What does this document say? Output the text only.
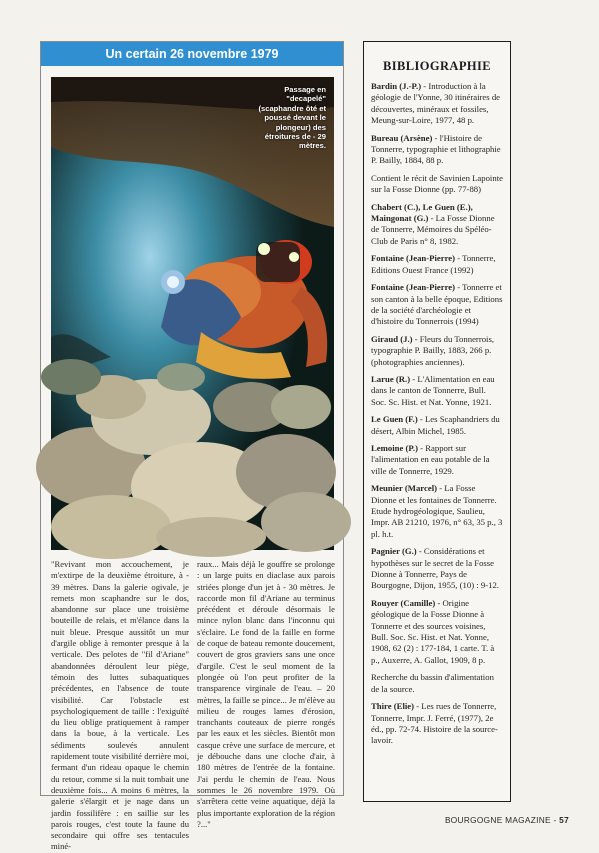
Un certain 26 novembre 1979
Passage en "decapelé" (scaphandre ôté et poussé devant le plongeur) des étroitures de - 29 mètres.
"Revivant mon accouchement, je m'extirpe de la deuxième étroiture, à - 39 mètres. Dans la galerie ogivale, je remets mon scaphandre sur le dos, abandonne sur place une troisième bouteille de relais, et m'élance dans la nuit bleue. Presque aussitôt un mur d'argile oblige à remonter presque à la verticale. Des pelotes de "fil d'Ariane" abandonnées déroulent leur piège, témoin des luttes subaquatiques précédentes, en l'absence de toute visibilité. Car l'obstacle est psychologiquement de taille : l'exiguïté du lieu oblige pratiquement à ramper dans la boue, à la verticale. Les sédiments soulevés annulent rapidement toute visibilité derrière moi, fermant d'un rideau opaque le chemin du retour, comme si la nuit tombait une deuxième fois... A moins 6 mètres, la galerie s'élargit et je nage dans un jardin fossilifère : en saillie sur les parois rouges, c'est toute la faune du secondaire qui offre ses tentacules miné-
raux... Mais déjà le gouffre se prolonge : un large puits en diaclase aux parois striées plonge d'un jet à - 30 mètres. Je raccorde mon fil d'Ariane au terminus précédent et déroule désormais le mince nylon blanc dans l'inconnu qui s'éclaire. Le fond de la faille en forme de coque de bateau remonte doucement, couvert de gros graviers sans une once d'argile. C'est le seul moment de la plongée où l'on peut profiter de la transparence virginale de l'eau. – 20 mètres, la faille se pince... Je m'élève au milieu de rouges lames d'érosion, tranchants couteaux de pierre rongés par les eaux et les siècles. Bientôt mon casque crève une surface de mercure, et je débouche dans une cloche d'air, à 180 mètres de l'entrée de la fontaine. J'ai perdu le chemin de l'eau. Nous sommes le 26 novembre 1979. Où s'arrêtera cette veine aquatique, déjà la plus importante exploration de la région ?..."
BIBLIOGRAPHIE
Bardin (J.-P.) - Introduction à la géologie de l'Yonne, 30 itinéraires de découvertes, minéraux et fossiles, Meung-sur-Loire, 1977, 48 p.
Bureau (Arsène) - l'Histoire de Tonnerre, typographie et lithographie P. Bailly, 1884, 88 p.
Contient le récit de Savinien Lapointe sur la Fosse Dionne (pp. 77-88)
Chabert (C.), Le Guen (E.), Maingonat (G.) - La Fosse Dionne de Tonnerre, Mémoires du Spéléo-Club de Paris n° 8, 1982.
Fontaine (Jean-Pierre) - Tonnerre, Editions Ouest France (1992)
Fontaine (Jean-Pierre) - Tonnerre et son canton à la belle époque, Editions de la société d'archéologie et d'histoire du Tonnerrois (1994)
Giraud (J.) - Fleurs du Tonnerrois, typographie P. Bailly, 1883, 266 p. (photographies anciennes).
Larue (R.) - L'Alimentation en eau dans le canton de Tonnerre, Bull. Soc. Sc. Hist. et Nat. Yonne, 1921.
Le Guen (F.) - Les Scaphandriers du désert, Albin Michel, 1985.
Lemoine (P.) - Rapport sur l'alimentation en eau potable de la ville de Tonnerre, 1929.
Meunier (Marcel) - La Fosse Dionne et les fontaines de Tonnerre. Etude hydrogéologique, Saulieu, Impr. AB 21210, 1976, n° 63, 35 p., 3 pl. h.t.
Pagnier (G.) - Considérations et hypothèses sur le secret de la Fosse Dionne à Tonnerre, Pays de Bourgogne, Dijon, 1955, (10) : 9-12.
Rouyer (Camille) - Origine géologique de la Fosse Dionne à Tonnerre et des sources voisines, Bull. Soc. Sc. Hist. et Nat. Yonne, 1908, 62 (2) : 177-184, 1 carte. T. à p., Auxerre, A. Gallot, 1909, 8 p.
Recherche du bassin d'alimentation de la source.
Thire (Elie) - Les rues de Tonnerre, Tonnerre, Impr. J. Ferré, (1977), 2e éd., pp. 72-74. Histoire de la source-lavoir.
BOURGOGNE MAGAZINE - 57
